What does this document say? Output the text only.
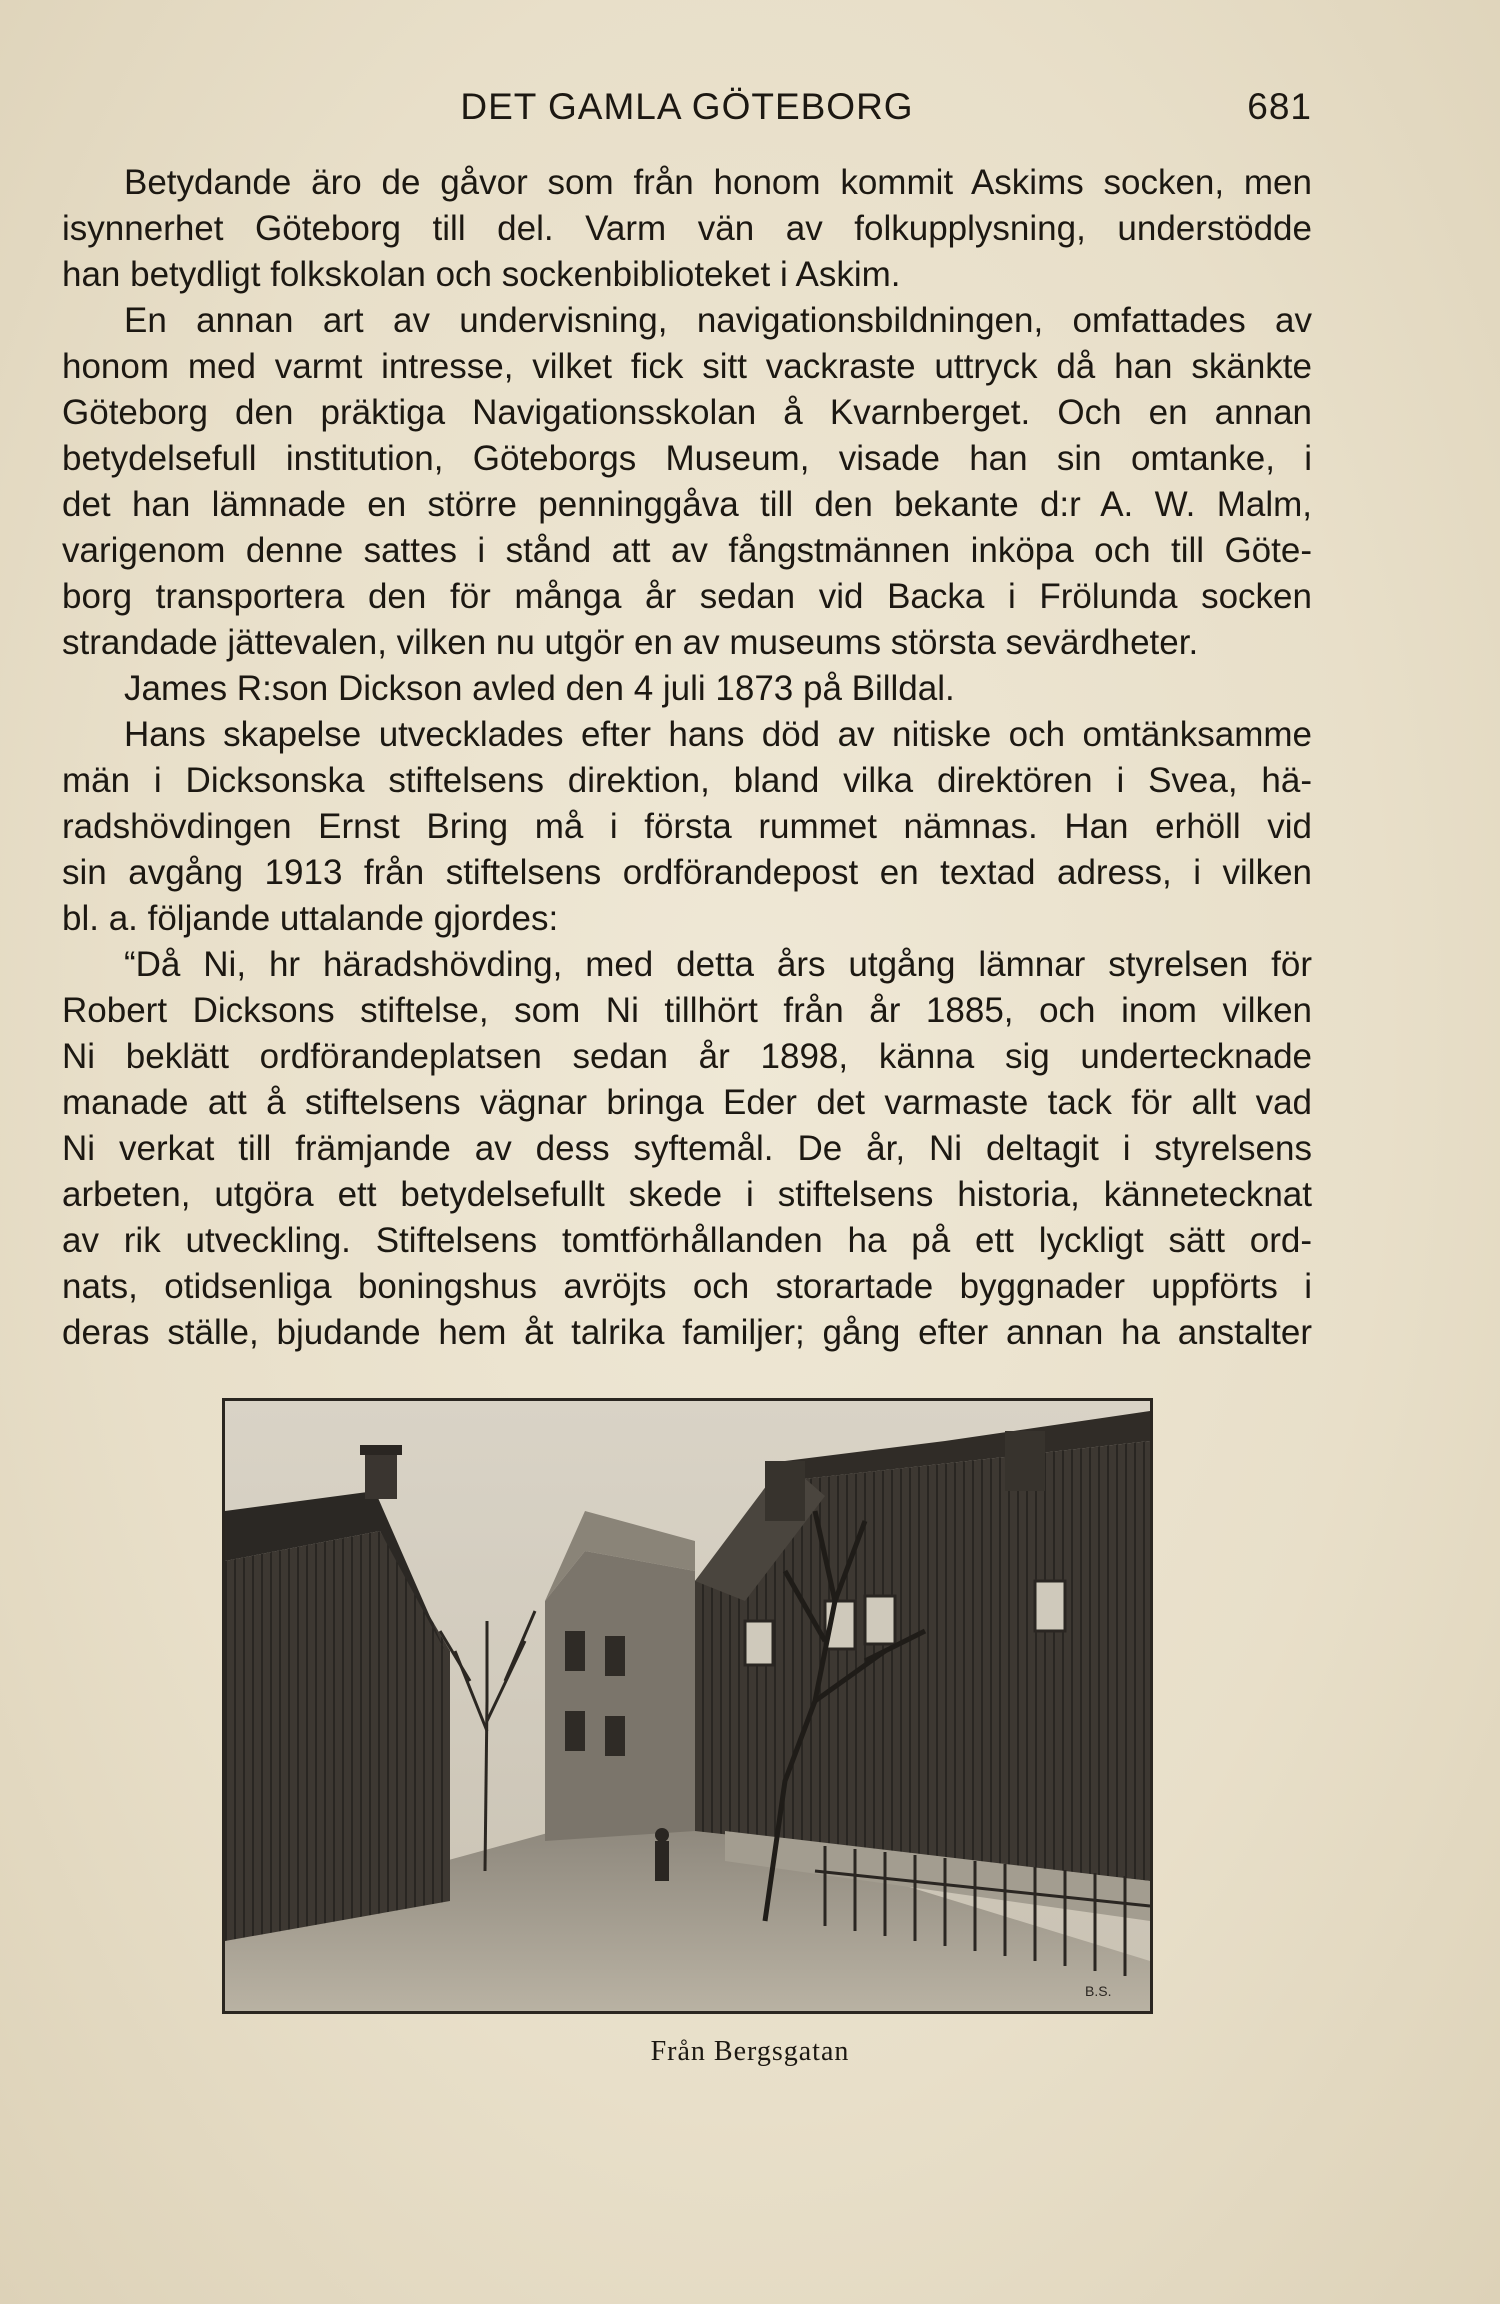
DET GAMLA GÖTEBORG	681
Betydande äro de gåvor som från honom kommit Askims socken, men
isynnerhet Göteborg till del. Varm vän av folkupplysning, understödde
han betydligt folkskolan och sockenbiblioteket i Askim.
En annan art av undervisning, navigationsbildningen, omfattades av
honom med varmt intresse, vilket fick sitt vackraste uttryck då han skänkte
Göteborg den präktiga Navigationsskolan å Kvarnberget. Och en annan
betydelsefull institution, Göteborgs Museum, visade han sin omtanke, i
det han lämnade en större penninggåva till den bekante d:r A. W. Malm,
varigenom denne sattes i stånd att av fångstmännen inköpa och till Göte-
borg transportera den för många år sedan vid Backa i Frölunda socken
strandade jättevalen, vilken nu utgör en av museums största sevärdheter.
James R:son Dickson avled den 4 juli 1873 på Billdal.
Hans skapelse utvecklades efter hans död av nitiske och omtänksamme
män i Dicksonska stiftelsens direktion, bland vilka direktören i Svea, hä-
radshövdingen Ernst Bring må i första rummet nämnas. Han erhöll vid
sin avgång 1913 från stiftelsens ordförandepost en textad adress, i vilken
bl. a. följande uttalande gjordes:
“Då Ni, hr häradshövding, med detta års utgång lämnar styrelsen för
Robert Dicksons stiftelse, som Ni tillhört från år 1885, och inom vilken
Ni beklätt ordförandeplatsen sedan år 1898, känna sig undertecknade
manade att å stiftelsens vägnar bringa Eder det varmaste tack för allt vad
Ni verkat till främjande av dess syftemål. De år, Ni deltagit i styrelsens
arbeten, utgöra ett betydelsefullt skede i stiftelsens historia, kännetecknat
av rik utveckling. Stiftelsens tomtförhållanden ha på ett lyckligt sätt ord-
nats, otidsenliga boningshus avröjts och storartade byggnader uppförts i
deras ställe, bjudande hem åt talrika familjer; gång efter annan ha anstalter
B.S.
Från Bergsgatan
